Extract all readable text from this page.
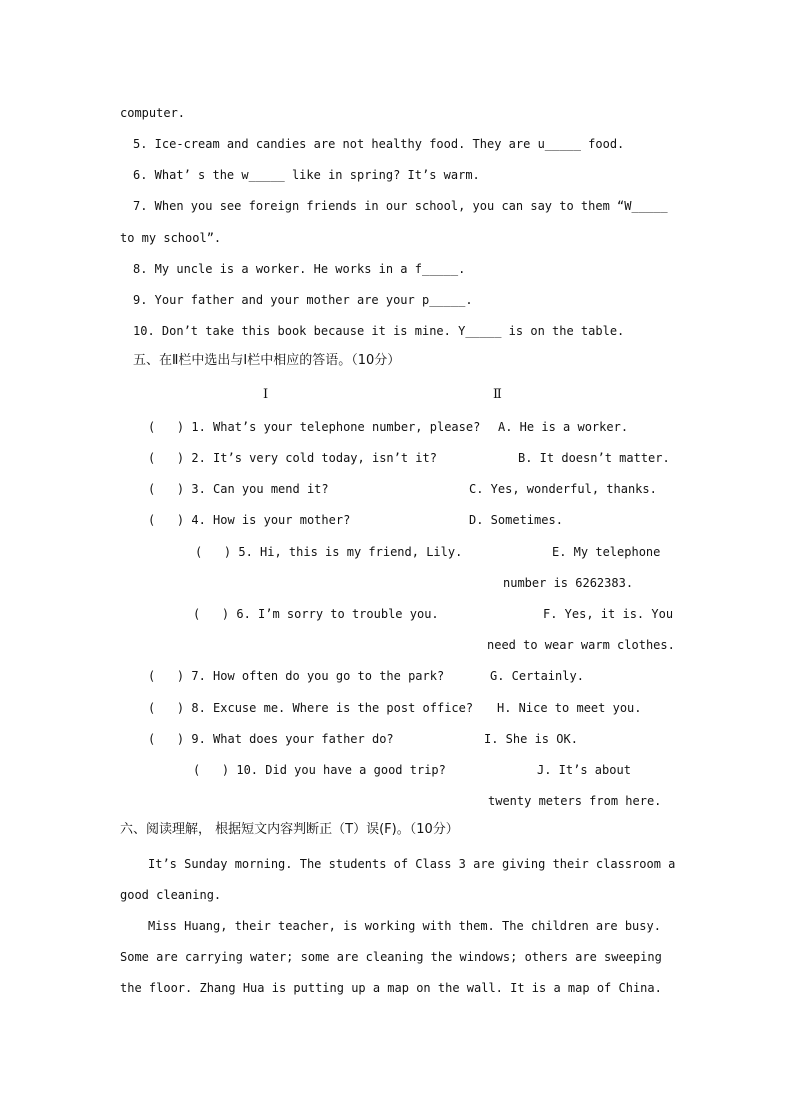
computer.
5. Ice-cream and candies are not healthy food. They are u_____ food.
6. What’ s the w_____ like in spring? It’s warm.
7. When you see foreign friends in our school, you can say to them “W_____
to my school”.
8. My uncle is a worker. He works in a f_____.
9. Your father and your mother are your p_____.
10. Don’t take this book because it is mine. Y_____ is on the table.
五、在Ⅱ栏中选出与Ⅰ栏中相应的答语。（10分）
Ⅰ	Ⅱ
(   ) 1. What’s your telephone number, please?
(   ) 2. It’s very cold today, isn’t it?
(   ) 3. Can you mend it?
(   ) 4. How is your mother?
(   ) 5. Hi, this is my friend, Lily.
(   ) 6. I’m sorry to trouble you.
(   ) 7. How often do you go to the park?
(   ) 8. Excuse me. Where is the post office?
(   ) 9. What does your father do?
(   ) 10. Did you have a good trip?
A. He is a worker.
B. It doesn’t matter.
C. Yes, wonderful, thanks.
D. Sometimes.
E. My telephone
number is 6262383.
F. Yes, it is. You
need to wear warm clothes.
G. Certainly.
H. Nice to meet you.
I. She is OK.
J. It’s about
twenty meters from here.
六、阅读理解， 根据短文内容判断正（T）误(F)。（10分）
It’s Sunday morning. The students of Class 3 are giving their classroom a
good cleaning.
Miss Huang, their teacher, is working with them. The children are busy.
Some are carrying water; some are cleaning the windows; others are sweeping
the floor. Zhang Hua is putting up a map on the wall. It is a map of China.
